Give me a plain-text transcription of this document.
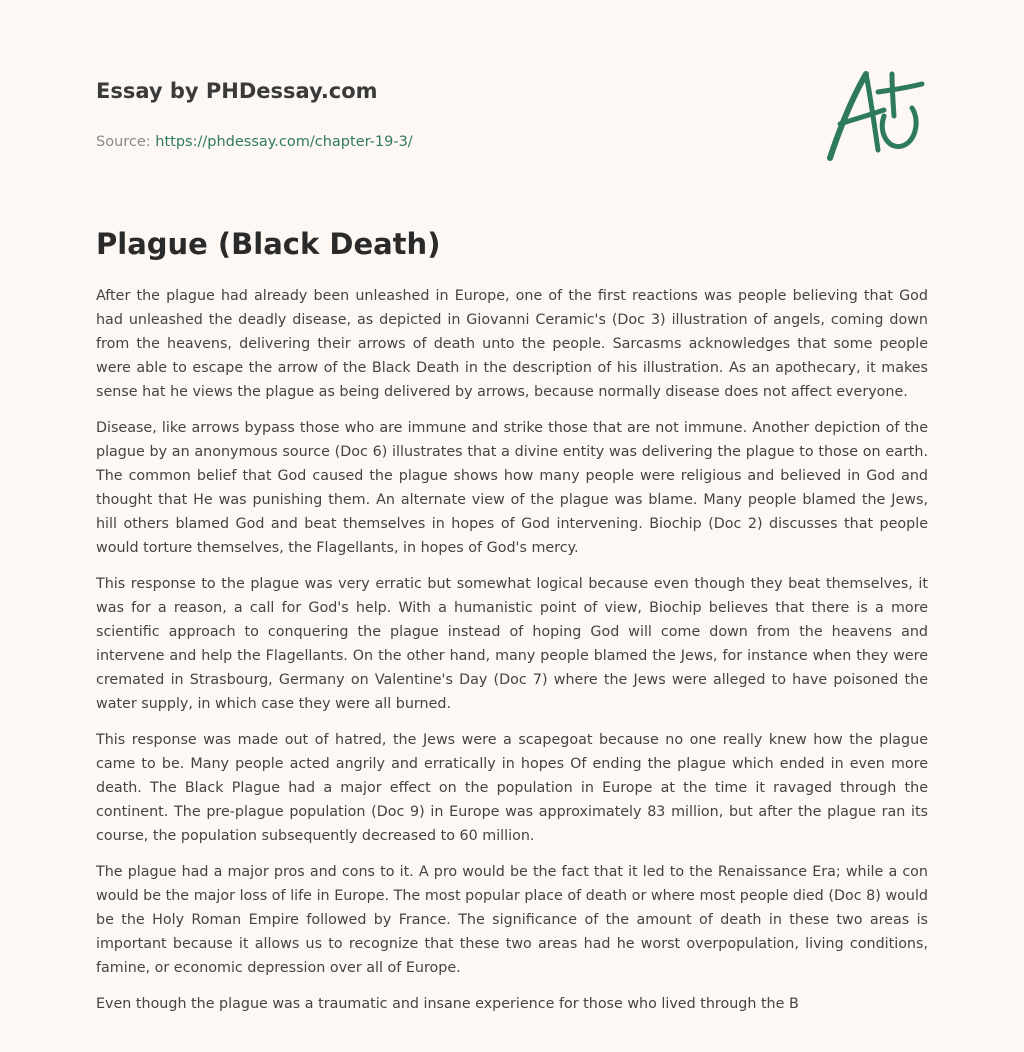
Essay by PHDessay.com
Source: https://phdessay.com/chapter-19-3/
Plague (Black Death)

After the plague had already been unleashed in Europe, one of the first reactions was people believing that God had unleashed the deadly disease, as depicted in Giovanni Ceramic's (Doc 3) illustration of angels, coming down from the heavens, delivering their arrows of death unto the people. Sarcasms acknowledges that some people were able to escape the arrow of the Black Death in the description of his illustration. As an apothecary, it makes sense hat he views the plague as being delivered by arrows, because normally disease does not affect everyone.

Disease, like arrows bypass those who are immune and strike those that are not immune. Another depiction of the plague by an anonymous source (Doc 6) illustrates that a divine entity was delivering the plague to those on earth. The common belief that God caused the plague shows how many people were religious and believed in God and thought that He was punishing them. An alternate view of the plague was blame. Many people blamed the Jews, hill others blamed God and beat themselves in hopes of God intervening. Biochip (Doc 2) discusses that people would torture themselves, the Flagellants, in hopes of God's mercy.

This response to the plague was very erratic but somewhat logical because even though they beat themselves, it was for a reason, a call for God's help. With a humanistic point of view, Biochip believes that there is a more scientific approach to conquering the plague instead of hoping God will come down from the heavens and intervene and help the Flagellants. On the other hand, many people blamed the Jews, for instance when they were cremated in Strasbourg, Germany on Valentine's Day (Doc 7) where the Jews were alleged to have poisoned the water supply, in which case they were all burned.

This response was made out of hatred, the Jews were a scapegoat because no one really knew how the plague came to be. Many people acted angrily and erratically in hopes Of ending the plague which ended in even more death. The Black Plague had a major effect on the population in Europe at the time it ravaged through the continent. The pre-plague population (Doc 9) in Europe was approximately 83 million, but after the plague ran its course, the population subsequently decreased to 60 million.

The plague had a major pros and cons to it. A pro would be the fact that it led to the Renaissance Era; while a con would be the major loss of life in Europe. The most popular place of death or where most people died (Doc 8) would be the Holy Roman Empire followed by France. The significance of the amount of death in these two areas is important because it allows us to recognize that these two areas had he worst overpopulation, living conditions, famine, or economic depression over all of Europe.

Even though the plague was a traumatic and insane experience for those who lived through the B
